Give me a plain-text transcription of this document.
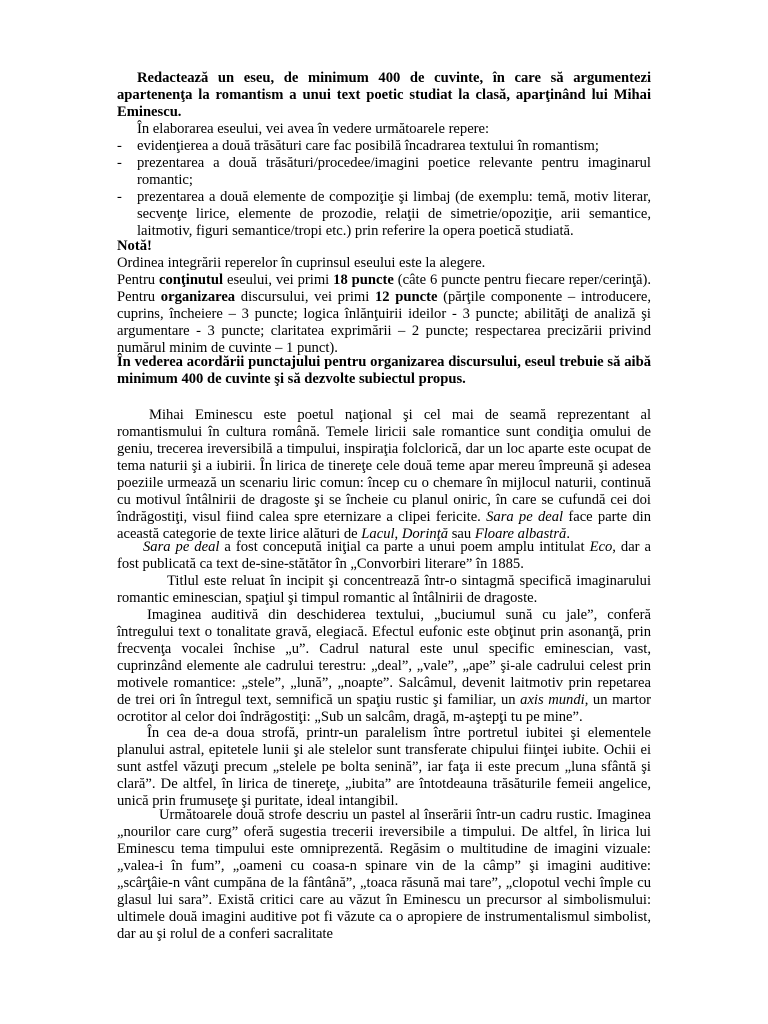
Redactează un eseu, de minimum 400 de cuvinte, în care să argumentezi apartenenţa la romantism a unui text poetic studiat la clasă, aparţinând lui Mihai Eminescu.

În elaborarea eseului, vei avea în vedere următoarele repere:

- evidenţierea a două trăsături care fac posibilă încadrarea textului în romantism;
- prezentarea a două trăsături/procedee/imagini poetice relevante pentru imaginarul romantic;
- prezentarea a două elemente de compoziţie şi limbaj (de exemplu: temă, motiv literar, secvenţe lirice, elemente de prozodie, relaţii de simetrie/opoziţie, arii semantice, laitmotiv, figuri semantice/tropi etc.) prin referire la opera poetică studiată.

Notă!

Ordinea integrării reperelor în cuprinsul eseului este la alegere.

Pentru conţinutul eseului, vei primi 18 puncte (câte 6 puncte pentru fiecare reper/cerinţă). Pentru organizarea discursului, vei primi 12 puncte (părţile componente – introducere, cuprins, încheiere – 3 puncte; logica înlănţuirii ideilor - 3 puncte; abilităţi de analiză şi argumentare - 3 puncte; claritatea exprimării – 2 puncte; respectarea precizării privind numărul minim de cuvinte – 1 punct).

În vederea acordării punctajului pentru organizarea discursului, eseul trebuie să aibă minimum 400 de cuvinte şi să dezvolte subiectul propus.

Mihai Eminescu este poetul naţional şi cel mai de seamă reprezentant al romantismului în cultura română. Temele liricii sale romantice sunt condiţia omului de geniu, trecerea ireversibilă a timpului, inspiraţia folclorică, dar un loc aparte este ocupat de tema naturii şi a iubirii. În lirica de tinereţe cele două teme apar mereu împreună şi adesea poeziile urmează un scenariu liric comun: încep cu o chemare în mijlocul naturii, continuă cu motivul întâlnirii de dragoste şi se încheie cu planul oniric, în care se cufundă cei doi îndrăgostiţi, visul fiind calea spre eternizare a clipei fericite. Sara pe deal face parte din această categorie de texte lirice alături de Lacul, Dorinţă sau Floare albastră.

Sara pe deal a fost concepută iniţial ca parte a unui poem amplu intitulat Eco, dar a fost publicată ca text de-sine-stătător în „Convorbiri literare” în 1885.

Titlul este reluat în incipit şi concentrează într-o sintagmă specifică imaginarului romantic eminescian, spaţiul şi timpul romantic al întâlnirii de dragoste.

Imaginea auditivă din deschiderea textului, „buciumul sună cu jale”, conferă întregului text o tonalitate gravă, elegiacă. Efectul eufonic este obţinut prin asonanţă, prin frecvenţa vocalei închise „u”. Cadrul natural este unul specific eminescian, vast, cuprinzând elemente ale cadrului terestru: „deal”, „vale”, „ape” şi-ale cadrului celest prin motivele romantice: „stele”, „lună”, „noapte”. Salcâmul, devenit laitmotiv prin repetarea de trei ori în întregul text, semnifică un spaţiu rustic şi familiar, un axis mundi, un martor ocrotitor al celor doi îndrăgostiţi: „Sub un salcâm, dragă, m-aştepţi tu pe mine”.

În cea de-a doua strofă, printr-un paralelism între portretul iubitei şi elementele planului astral, epitetele lunii şi ale stelelor sunt transferate chipului fiinţei iubite. Ochii ei sunt astfel văzuţi precum „stelele pe bolta senină”, iar faţa ii este precum „luna sfântă şi clară”. De altfel, în lirica de tinereţe, „iubita” are întotdeauna trăsăturile femeii angelice, unică prin frumuseţe şi puritate, ideal intangibil.

Următoarele două strofe descriu un pastel al înserării într-un cadru rustic. Imaginea „nourilor care curg” oferă sugestia trecerii ireversibile a timpului. De altfel, în lirica lui Eminescu tema timpului este omniprezentă. Regăsim o multitudine de imagini vizuale: „valea-i în fum”, „oameni cu coasa-n spinare vin de la câmp” şi imagini auditive: „scârţâie-n vânt cumpăna de la fântână”, „toaca răsună mai tare”, „clopotul vechi împle cu glasul lui sara”. Există critici care au văzut în Eminescu un precursor al simbolismului: ultimele două imagini auditive pot fi văzute ca o apropiere de instrumentalismul simbolist, dar au şi rolul de a conferi sacralitate
